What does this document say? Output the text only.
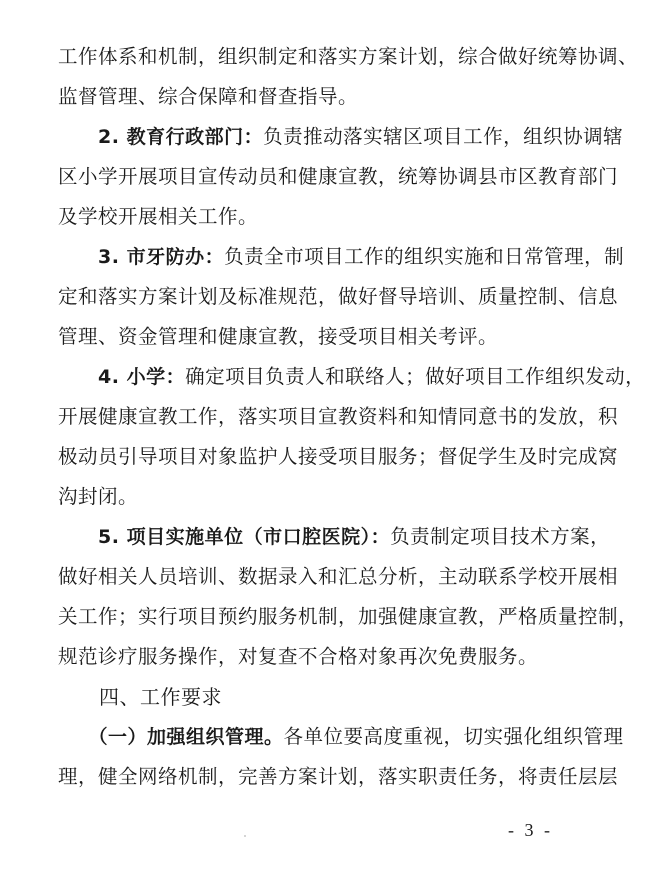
工作体系和机制，组织制定和落实方案计划，综合做好统筹协调、
监督管理、综合保障和督查指导。
　　2. 教育行政部门：负责推动落实辖区项目工作，组织协调辖
区小学开展项目宣传动员和健康宣教，统筹协调县市区教育部门
及学校开展相关工作。
　　3. 市牙防办：负责全市项目工作的组织实施和日常管理，制
定和落实方案计划及标准规范，做好督导培训、质量控制、信息
管理、资金管理和健康宣教，接受项目相关考评。
　　4. 小学：确定项目负责人和联络人；做好项目工作组织发动，
开展健康宣教工作，落实项目宣教资料和知情同意书的发放，积
极动员引导项目对象监护人接受项目服务；督促学生及时完成窝
沟封闭。
　　5. 项目实施单位（市口腔医院）：负责制定项目技术方案，
做好相关人员培训、数据录入和汇总分析，主动联系学校开展相
关工作；实行项目预约服务机制，加强健康宣教，严格质量控制，
规范诊疗服务操作，对复查不合格对象再次免费服务。
　　四、工作要求
　　（一）加强组织管理。各单位要高度重视，切实强化组织管理
理，健全网络机制，完善方案计划，落实职责任务，将责任层层
- 3 -
